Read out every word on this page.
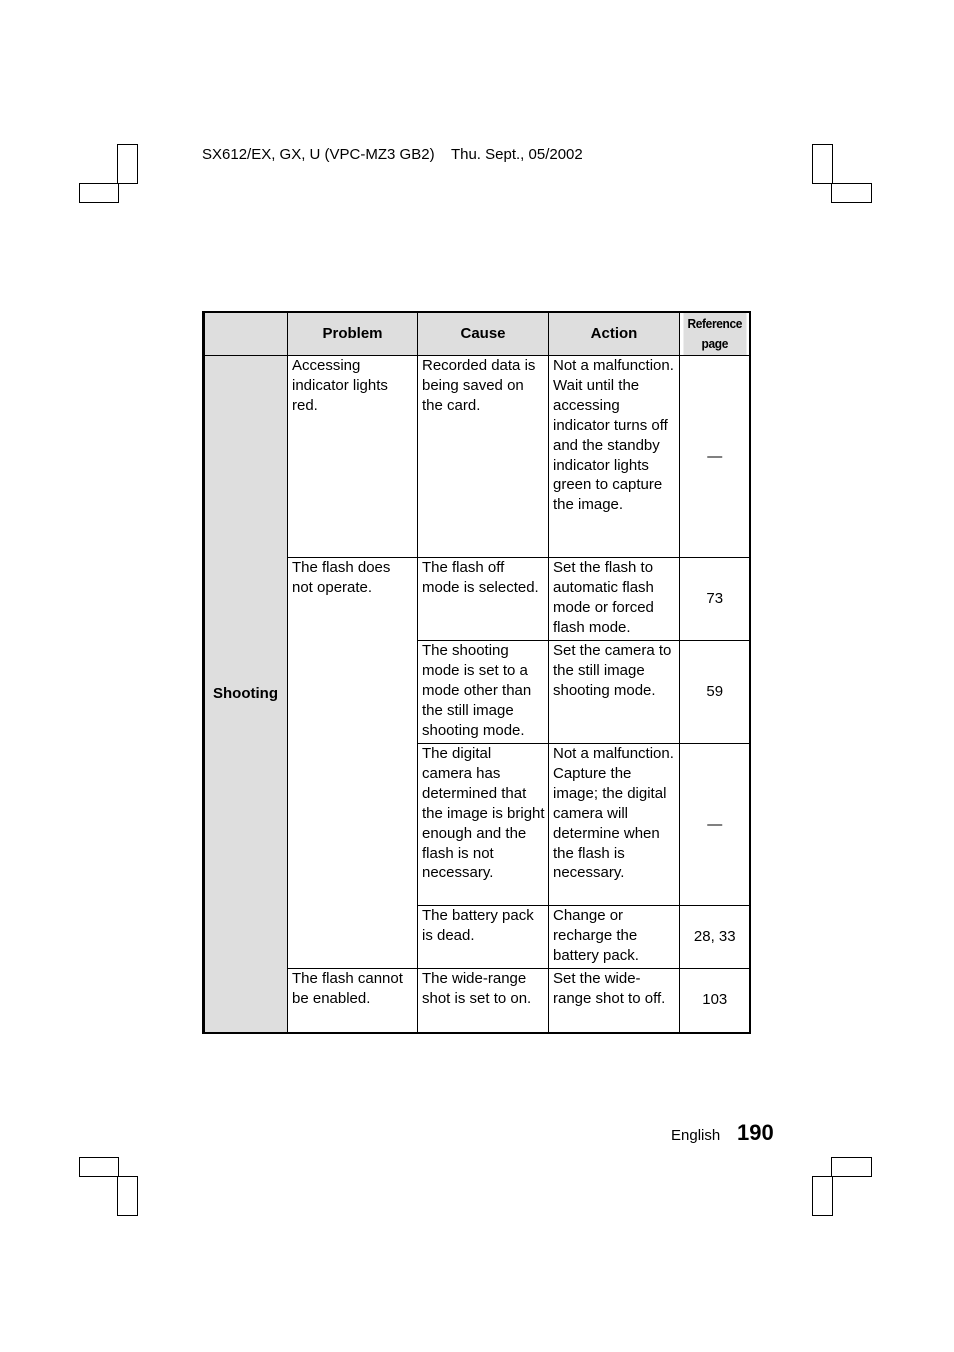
SX612/EX, GX, U (VPC-MZ3 GB2)    Thu. Sept., 05/2002
	Problem	Cause	Action	Reference
page
Shooting	Accessing indicator lights red.	Recorded data is being saved on the card.	Not a malfunction. Wait until the accessing indicator turns off and the standby indicator lights green to capture the image.	—
	The flash does not operate.	The flash off mode is selected.	Set the flash to automatic flash mode or forced flash mode.	73
		The shooting mode is set to a mode other than the still image shooting mode.	Set the camera to the still image shooting mode.	59
		The digital camera has determined that the image is bright enough and the flash is not necessary.	Not a malfunction. Capture the image; the digital camera will determine when the flash is necessary.	—
		The battery pack is dead.	Change or recharge the battery pack.	28, 33
	The flash cannot be enabled.	The wide-range shot is set to on.	Set the wide-range shot to off.	103
English 190
